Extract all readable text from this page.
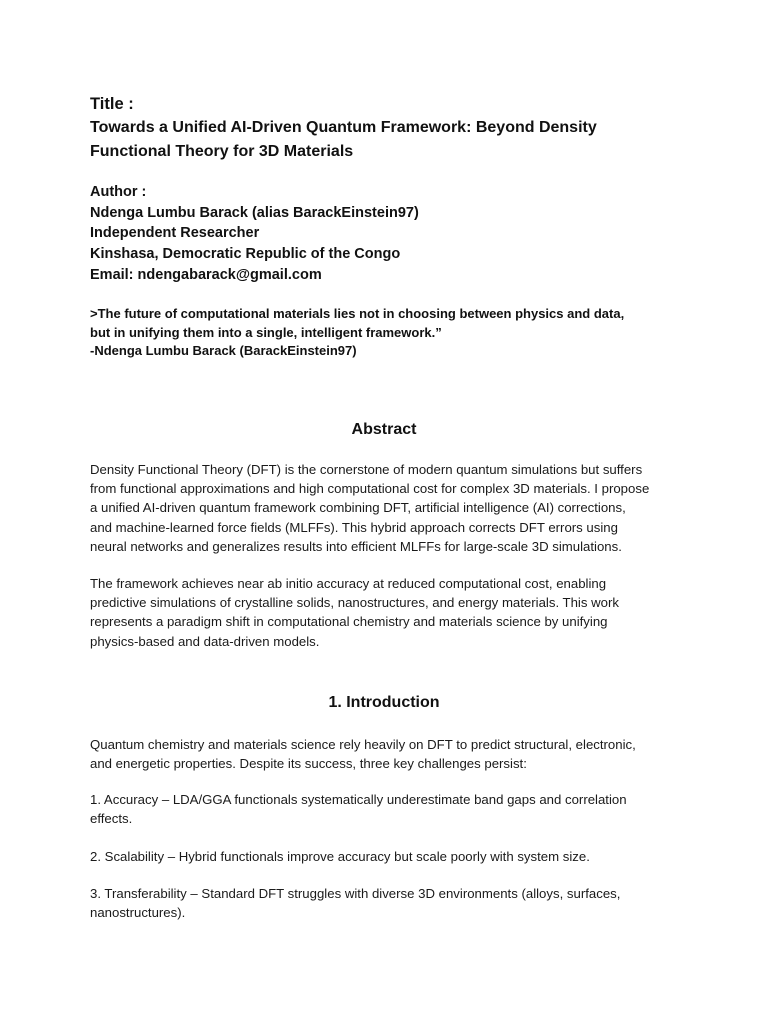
Title :
Towards a Unified AI-Driven Quantum Framework: Beyond Density
Functional Theory for 3D Materials
Author :
Ndenga Lumbu Barack (alias BarackEinstein97)
Independent Researcher
Kinshasa, Democratic Republic of the Congo
Email: ndengabarack@gmail.com
>The future of computational materials lies not in choosing between physics and data,
but in unifying them into a single, intelligent framework.”
-Ndenga Lumbu Barack (BarackEinstein97)
Abstract
Density Functional Theory (DFT) is the cornerstone of modern quantum simulations but suffers
from functional approximations and high computational cost for complex 3D materials. I propose
a unified AI-driven quantum framework combining DFT, artificial intelligence (AI) corrections,
and machine-learned force fields (MLFFs). This hybrid approach corrects DFT errors using
neural networks and generalizes results into efficient MLFFs for large-scale 3D simulations.
The framework achieves near ab initio accuracy at reduced computational cost, enabling
predictive simulations of crystalline solids, nanostructures, and energy materials. This work
represents a paradigm shift in computational chemistry and materials science by unifying
physics-based and data-driven models.
1. Introduction
Quantum chemistry and materials science rely heavily on DFT to predict structural, electronic,
and energetic properties. Despite its success, three key challenges persist:
1. Accuracy – LDA/GGA functionals systematically underestimate band gaps and correlation
effects.
2. Scalability – Hybrid functionals improve accuracy but scale poorly with system size.
3. Transferability – Standard DFT struggles with diverse 3D environments (alloys, surfaces,
nanostructures).
